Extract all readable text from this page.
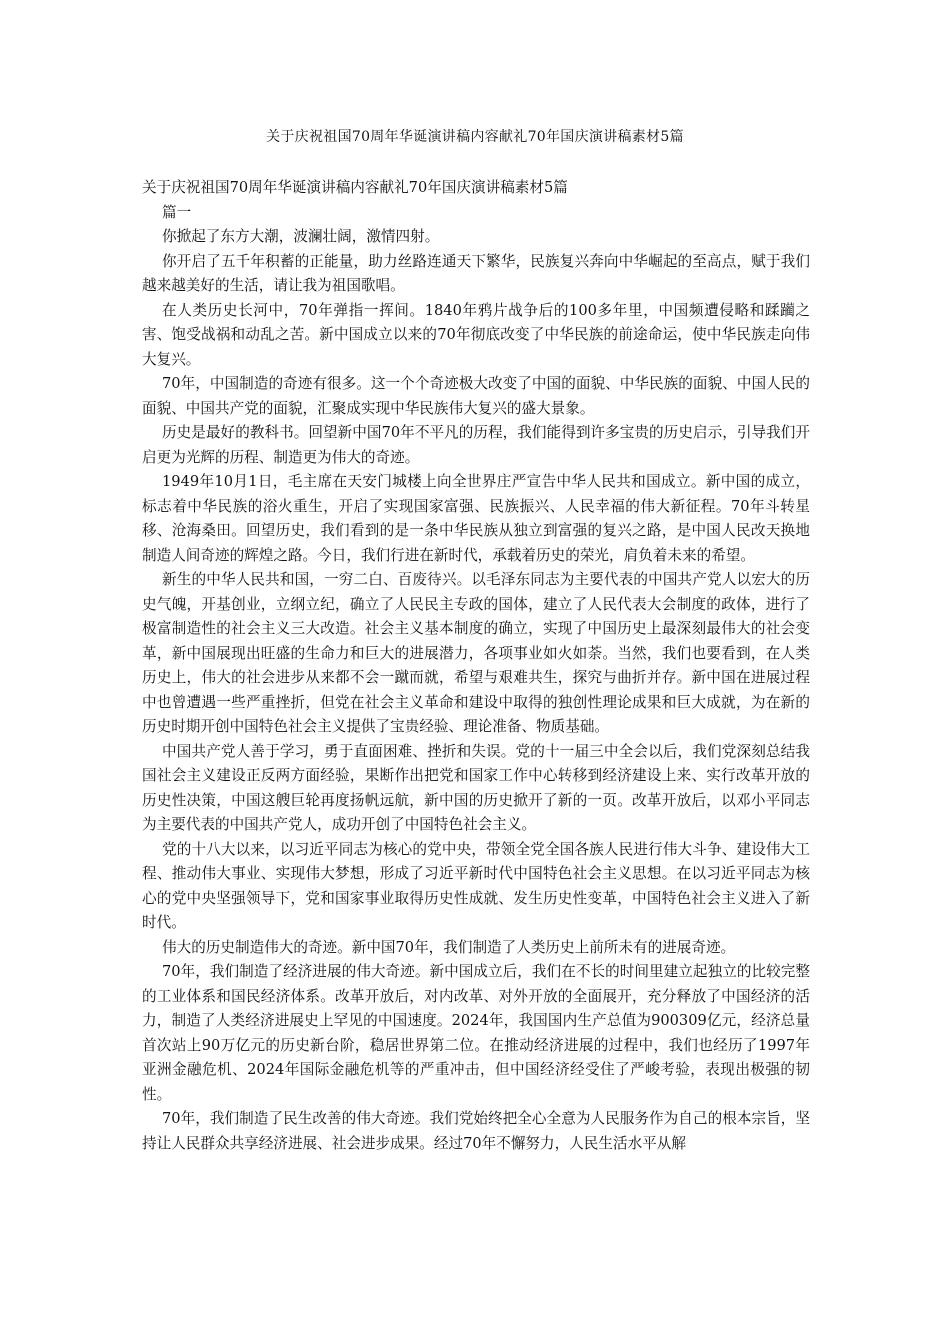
关于庆祝祖国70周年华诞演讲稿内容献礼70年国庆演讲稿素材5篇
关于庆祝祖国70周年华诞演讲稿内容献礼70年国庆演讲稿素材5篇

篇一

你掀起了东方大潮，波澜壮阔，激情四射。

你开启了五千年积蓄的正能量，助力丝路连通天下繁华，民族复兴奔向中华崛起的至高点，赋于我们越来越美好的生活，请让我为祖国歌唱。

在人类历史长河中，70年弹指一挥间。1840年鸦片战争后的100多年里，中国频遭侵略和蹂躏之害、饱受战祸和动乱之苦。新中国成立以来的70年彻底改变了中华民族的前途命运，使中华民族走向伟大复兴。

70年，中国制造的奇迹有很多。这一个个奇迹极大改变了中国的面貌、中华民族的面貌、中国人民的面貌、中国共产党的面貌，汇聚成实现中华民族伟大复兴的盛大景象。

历史是最好的教科书。回望新中国70年不平凡的历程，我们能得到许多宝贵的历史启示，引导我们开启更为光辉的历程、制造更为伟大的奇迹。

1949年10月1日，毛主席在天安门城楼上向全世界庄严宣告中华人民共和国成立。新中国的成立，标志着中华民族的浴火重生，开启了实现国家富强、民族振兴、人民幸福的伟大新征程。70年斗转星移、沧海桑田。回望历史，我们看到的是一条中华民族从独立到富强的复兴之路，是中国人民改天换地制造人间奇迹的辉煌之路。今日，我们行进在新时代，承载着历史的荣光，肩负着未来的希望。

新生的中华人民共和国，一穷二白、百废待兴。以毛泽东同志为主要代表的中国共产党人以宏大的历史气魄，开基创业，立纲立纪，确立了人民民主专政的国体，建立了人民代表大会制度的政体，进行了极富制造性的社会主义三大改造。社会主义基本制度的确立，实现了中国历史上最深刻最伟大的社会变革，新中国展现出旺盛的生命力和巨大的进展潜力，各项事业如火如荼。当然，我们也要看到，在人类历史上，伟大的社会进步从来都不会一蹴而就，希望与艰难共生，探究与曲折并存。新中国在进展过程中也曾遭遇一些严重挫折，但党在社会主义革命和建设中取得的独创性理论成果和巨大成就，为在新的历史时期开创中国特色社会主义提供了宝贵经验、理论准备、物质基础。

中国共产党人善于学习，勇于直面困难、挫折和失误。党的十一届三中全会以后，我们党深刻总结我国社会主义建设正反两方面经验，果断作出把党和国家工作中心转移到经济建设上来、实行改革开放的历史性决策，中国这艘巨轮再度扬帆远航，新中国的历史掀开了新的一页。改革开放后，以邓小平同志为主要代表的中国共产党人，成功开创了中国特色社会主义。

党的十八大以来，以习近平同志为核心的党中央，带领全党全国各族人民进行伟大斗争、建设伟大工程、推动伟大事业、实现伟大梦想，形成了习近平新时代中国特色社会主义思想。在以习近平同志为核心的党中央坚强领导下，党和国家事业取得历史性成就、发生历史性变革，中国特色社会主义进入了新时代。

伟大的历史制造伟大的奇迹。新中国70年，我们制造了人类历史上前所未有的进展奇迹。

70年，我们制造了经济进展的伟大奇迹。新中国成立后，我们在不长的时间里建立起独立的比较完整的工业体系和国民经济体系。改革开放后，对内改革、对外开放的全面展开，充分释放了中国经济的活力，制造了人类经济进展史上罕见的中国速度。2024年，我国国内生产总值为900309亿元，经济总量首次站上90万亿元的历史新台阶，稳居世界第二位。在推动经济进展的过程中，我们也经历了1997年亚洲金融危机、2024年国际金融危机等的严重冲击，但中国经济经受住了严峻考验，表现出极强的韧性。

70年，我们制造了民生改善的伟大奇迹。我们党始终把全心全意为人民服务作为自己的根本宗旨，坚持让人民群众共享经济进展、社会进步成果。经过70年不懈努力，人民生活水平从解
